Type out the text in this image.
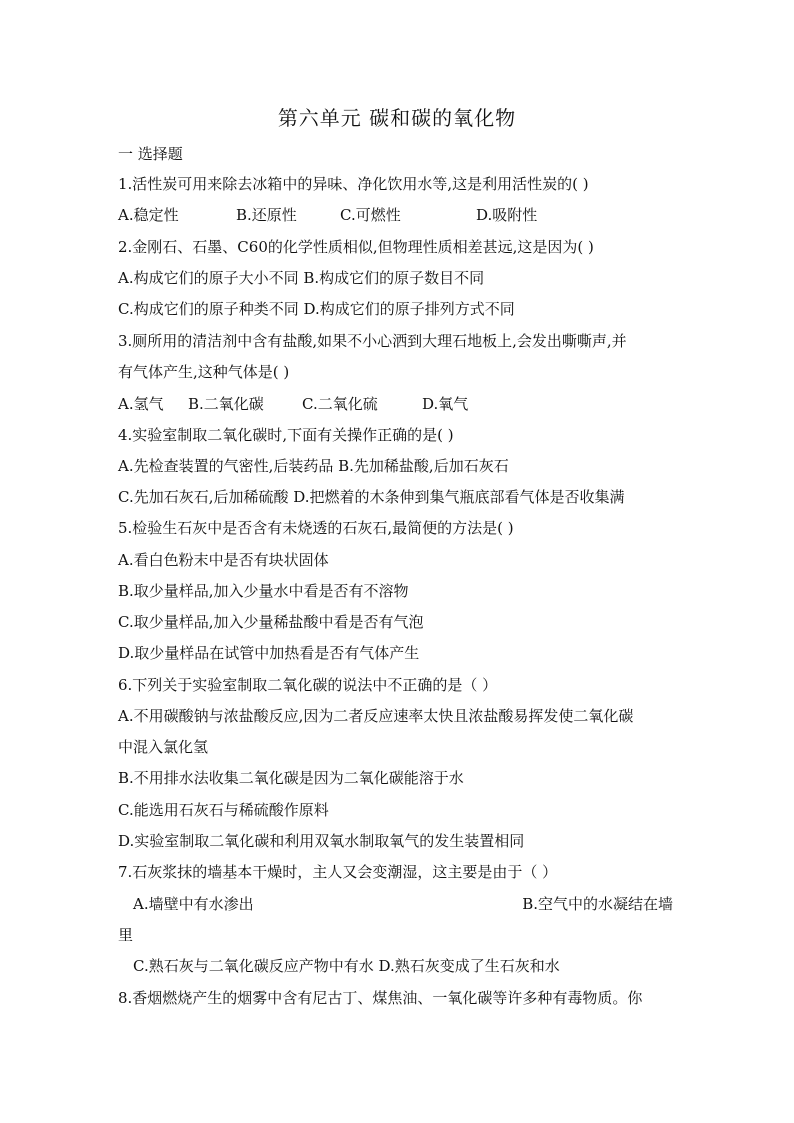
第六单元 碳和碳的氧化物
一 选择题
1.活性炭可用来除去冰箱中的异味、净化饮用水等,这是利用活性炭的( )
A.稳定性	B.还原性	C.可燃性	D.吸附性
2.金刚石、石墨、C60的化学性质相似,但物理性质相差甚远,这是因为( )
A.构成它们的原子大小不同 B.构成它们的原子数目不同
C.构成它们的原子种类不同 D.构成它们的原子排列方式不同
3.厕所用的清洁剂中含有盐酸,如果不小心洒到大理石地板上,会发出嘶嘶声,并
有气体产生,这种气体是( )
A.氢气	B.二氧化碳	C.二氧化硫	D.氧气
4.实验室制取二氧化碳时,下面有关操作正确的是( )
A.先检查装置的气密性,后装药品 B.先加稀盐酸,后加石灰石
C.先加石灰石,后加稀硫酸 D.把燃着的木条伸到集气瓶底部看气体是否收集满
5.检验生石灰中是否含有未烧透的石灰石,最简便的方法是( )
A.看白色粉末中是否有块状固体
B.取少量样品,加入少量水中看是否有不溶物
C.取少量样品,加入少量稀盐酸中看是否有气泡
D.取少量样品在试管中加热看是否有气体产生
6.下列关于实验室制取二氧化碳的说法中不正确的是（ ）
A.不用碳酸钠与浓盐酸反应,因为二者反应速率太快且浓盐酸易挥发使二氧化碳
中混入氯化氢
B.不用排水法收集二氧化碳是因为二氧化碳能溶于水
C.能选用石灰石与稀硫酸作原料
D.实验室制取二氧化碳和利用双氧水制取氧气的发生装置相同
7.石灰浆抹的墙基本干燥时，主人又会变潮湿，这主要是由于（ ）
A.墙壁中有水渗出	B.空气中的水凝结在墙
里
C.熟石灰与二氧化碳反应产物中有水 D.熟石灰变成了生石灰和水
8.香烟燃烧产生的烟雾中含有尼古丁、煤焦油、一氧化碳等许多种有毒物质。你
